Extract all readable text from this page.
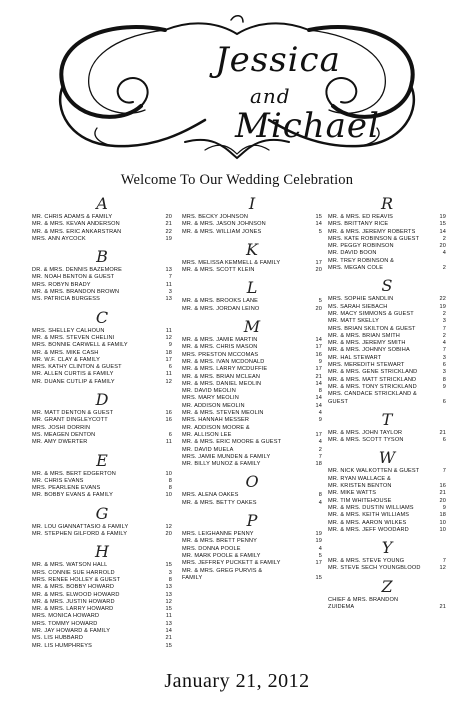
Jessica
and
Michael
Welcome To Our Wedding Celebration
A
MR. CHRIS ADAMS & FAMILY	20
MR. & MRS. KEVAN ANDERSON	21
MR. & MRS. ERIC ANKARSTRAN	22
MRS. ANN AYCOCK	19
B
DR. & MRS. DENNIS BAZEMORE	13
MR. NOAH BENTON & GUEST	7
MRS. ROBYN BRADY	11
MR. & MRS. BRANDON BROWN	3
MS. PATRICIA BURGESS	13
C
MRS. SHELLEY CALHOUN	11
MR. & MRS. STEVEN CHELINI	12
MRS. BONNIE CARWELL & FAMILY	9
MR. & MRS. MIKE CASH	18
MR. W.F. CLAY & FAMILY	17
MRS. KATHY CLINTON & GUEST	6
MR. ALLEN CURTIS & FAMILY	11
MR. DUANE CUTLIP & FAMILY	12
D
MR. MATT DENTON & GUEST	16
MR. GRANT DINGLEYCOTT	16
MRS. JOSHI DORRIN
MS. MEAGEN DENTON	6
MR. AMY DWERTER	11
E
MR. & MRS. BERT EDGERTON	10
MR. CHRIS EVANS	8
MRS. PEARLENE EVANS	8
MR. BOBBY EVANS & FAMILY	10
G
MR. LOU GIANNATTASIO & FAMILY	12
MR. STEPHEN GILFORD & FAMILY	20
H
MR. & MRS. WATSON HALL	15
MRS. CONNIE SUE HARROLD	3
MRS. RENEE HOLLEY & GUEST	8
MR. & MRS. BOBBY HOWARD	13
MR. & MRS. ELWOOD HOWARD	13
MR. & MRS. JUSTIN HOWARD	12
MR. & MRS. LARRY HOWARD	15
MRS. MONICA HOWARD	11
MRS. TOMMY HOWARD	13
MR. JAY HOWARD & FAMILY	14
MS. LIS HUBBARD	21
MR. LIS HUMPHREYS	15
I
MRS. BECKY JOHNSON	15
MR. & MRS. JASON JOHNSON	14
MR. & MRS. WILLIAM JONES	5
K
MRS. MELISSA KEMMELL & FAMILY	17
MR. & MRS. SCOTT KLEIN	20
L
MR. & MRS. BROOKS LANE	5
MR. & MRS. JORDAN LEINO	20
M
MR. & MRS. JAMIE MARTIN	14
MR. & MRS. CHRIS MASON	17
MRS. PRESTON MCCOMAS	16
MR. & MRS. IVAN MCDONALD	9
MR. & MRS. LARRY MCDUFFIE	17
MR. & MRS. BRIAN MCLEAN	21
MR. & MRS. DANIEL MEOLIN	14
MR. DAVID MEOLIN	8
MRS. MARY MEOLIN	14
MR. ADDISON MEOLIN	14
MR. & MRS. STEVEN MEOLIN	4
MRS. HANNAH MESSER	9
MR. ADDISON MOORE &
MR. ALLISON LEE	17
MR. & MRS. ERIC MOORE & GUEST	4
MR. DAVID MUELA	2
MRS. JAMIE MUNDEN & FAMILY	7
MR. BILLY MUNOZ & FAMILY	18
O
MRS. ALENA OAKES	8
MR. & MRS. BETTY OAKES	4
P
MRS. LEIGHANNE PENNY	19
MR. & MRS. BRETT PENNY	19
MRS. DONNA POOLE	4
MR. MARK POOLE & FAMILY	5
MRS. JEFFREY PUCKETT & FAMILY	17
MR. & MRS. GREG PURVIS &
FAMILY	15
R
MR. & MRS. ED REAVIS	19
MRS. BRITTANY RICE	15
MR. & MRS. JEREMY ROBERTS	14
MRS. KATE ROBINSON & GUEST	2
MR. PEGGY ROBINSON	20
MR. DAVID BOON	4
MR. TREY ROBINSON &
MRS. MEGAN COLE	2
S
MRS. SOPHIE SANDLIN	22
MS. SARAH SIEBACH	19
MR. MACY SIMMONS & GUEST	2
MR. MATT SKELLY	3
MRS. BRIAN SKILTON & GUEST	7
MR. & MRS. BRIAN SMITH	2
MR. & MRS. JEREMY SMITH	4
MR. & MRS. JOHNNY SOBIHA	7
MR. HAL STEWART	3
MRS. MEREDITH STEWART	6
MR. & MRS. GENE STRICKLAND	3
MR. & MRS. MATT STRICKLAND	8
MR. & MRS. TONY STRICKLAND	9
MRS. CANDACE STRICKLAND &
GUEST	6
T
MR. & MRS. JOHN TAYLOR	21
MR. & MRS. SCOTT TYSON	6
W
MR. NICK WALKOTTEN & GUEST	7
MR. RYAN WALLACE &
MR. KRISTEN BENTON	16
MR. MIKE WATTS	21
MR. TIM WHITEHOUSE	20
MR. & MRS. DUSTIN WILLIAMS	9
MR. & MRS. KEITH WILLIAMS	18
MR. & MRS. AARON WILKES	10
MR. & MRS. JEFF WOODARD	10
Y
MR. & MRS. STEVE YOUNG	7
MR. STEVE SECH YOUNGBLOOD	12
Z
CHIEF & MRS. BRANDON
ZUIDEMA	21
January 21, 2012
